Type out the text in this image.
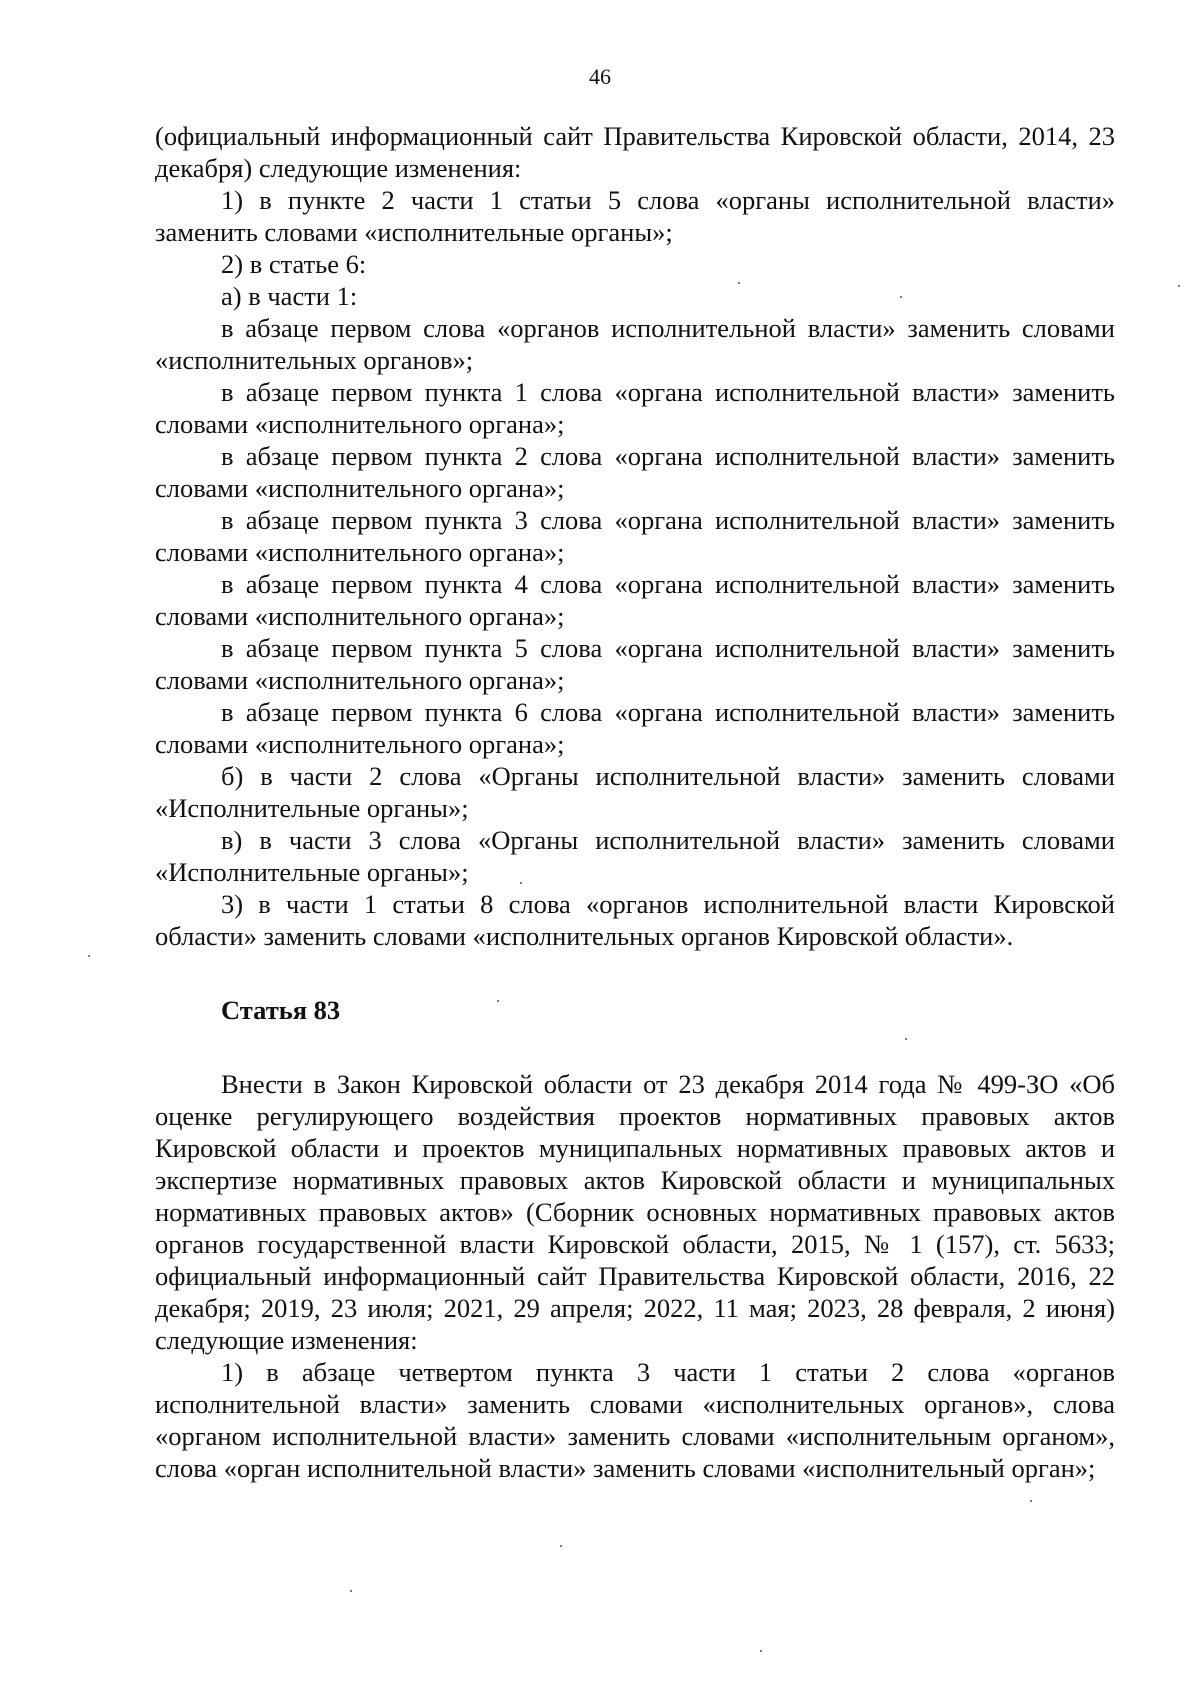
46

(официальный информационный сайт Правительства Кировской области, 2014, 23 декабря) следующие изменения:

1) в пункте 2 части 1 статьи 5 слова «органы исполнительной власти» заменить словами «исполнительные органы»;

2) в статье 6:

а) в части 1:

в абзаце первом слова «органов исполнительной власти» заменить словами «исполнительных органов»;

в абзаце первом пункта 1 слова «органа исполнительной власти» заменить словами «исполнительного органа»;

в абзаце первом пункта 2 слова «органа исполнительной власти» заменить словами «исполнительного органа»;

в абзаце первом пункта 3 слова «органа исполнительной власти» заменить словами «исполнительного органа»;

в абзаце первом пункта 4 слова «органа исполнительной власти» заменить словами «исполнительного органа»;

в абзаце первом пункта 5 слова «органа исполнительной власти» заменить словами «исполнительного органа»;

в абзаце первом пункта 6 слова «органа исполнительной власти» заменить словами «исполнительного органа»;

б) в части 2 слова «Органы исполнительной власти» заменить словами «Исполнительные органы»;

в) в части 3 слова «Органы исполнительной власти» заменить словами «Исполнительные органы»;

3) в части 1 статьи 8 слова «органов исполнительной власти Кировской области» заменить словами «исполнительных органов Кировской области».

Статья 83

Внести в Закон Кировской области от 23 декабря 2014 года № 499-ЗО «Об оценке регулирующего воздействия проектов нормативных правовых актов Кировской области и проектов муниципальных нормативных правовых актов и экспертизе нормативных правовых актов Кировской области и муниципальных нормативных правовых актов» (Сборник основных нормативных правовых актов органов государственной власти Кировской области, 2015, № 1 (157), ст. 5633; официальный информационный сайт Правительства Кировской области, 2016, 22 декабря; 2019, 23 июля; 2021, 29 апреля; 2022, 11 мая; 2023, 28 февраля, 2 июня) следующие изменения:

1) в абзаце четвертом пункта 3 части 1 статьи 2 слова «органов исполнительной власти» заменить словами «исполнительных органов», слова «органом исполнительной власти» заменить словами «исполнительным органом», слова «орган исполнительной власти» заменить словами «исполнительный орган»;
